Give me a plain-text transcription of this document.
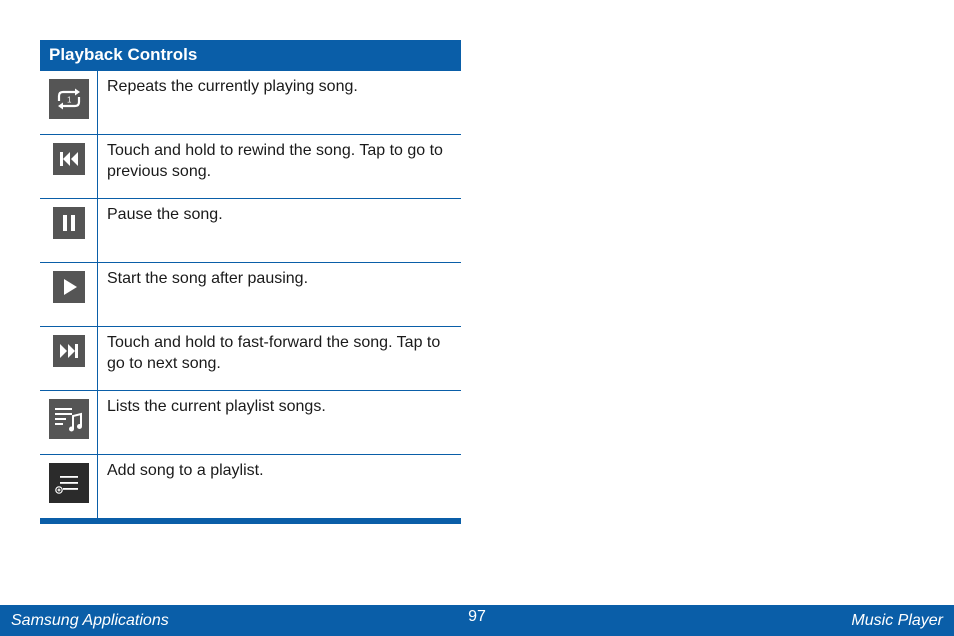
Playback Controls
1
Repeats the currently playing song.
Touch and hold to rewind the song. Tap to go to previous song.
Pause the song.
Start the song after pausing.
Touch and hold to fast-forward the song. Tap to go to next song.
Lists the current playlist songs.
Add song to a playlist.
Samsung Applications	97	Music Player
